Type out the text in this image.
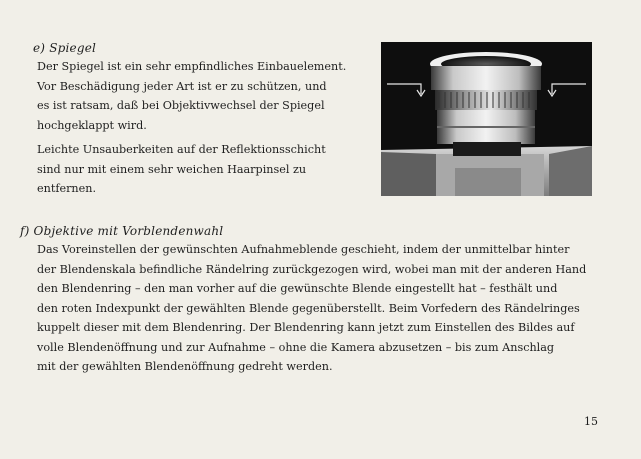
e) Spiegel
Der Spiegel ist ein sehr empfindliches Einbauelement.
Vor Beschädigung jeder Art ist er zu schützen, und
es ist ratsam, daß bei Objektivwechsel der Spiegel
hochgeklappt wird.
Leichte Unsauberkeiten auf der Reflektionsschicht
sind nur mit einem sehr weichen Haarpinsel zu
entfernen.
f) Objektive mit Vorblendenwahl
Das Voreinstellen der gewünschten Aufnahmeblende geschieht, indem der unmittelbar hinter
der Blendenskala befindliche Rändelring zurückgezogen wird, wobei man mit der anderen Hand
den Blendenring – den man vorher auf die gewünschte Blende eingestellt hat – festhält und
den roten Indexpunkt der gewählten Blende gegenüberstellt. Beim Vorfedern des Rändelringes
kuppelt dieser mit dem Blendenring. Der Blendenring kann jetzt zum Einstellen des Bildes auf
volle Blendenöffnung und zur Aufnahme – ohne die Kamera abzusetzen – bis zum Anschlag
mit der gewählten Blendenöffnung gedreht werden.
15
